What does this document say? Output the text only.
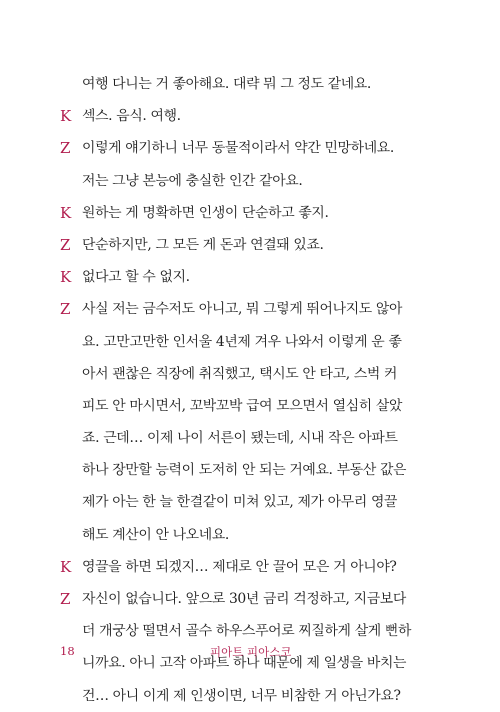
여행 다니는 거 좋아해요. 대략 뭐 그 정도 같네요.
K 섹스. 음식. 여행.
Z 이렇게 얘기하니 너무 동물적이라서 약간 민망하네요.
저는 그냥 본능에 충실한 인간 같아요.
K 원하는 게 명확하면 인생이 단순하고 좋지.
Z 단순하지만, 그 모든 게 돈과 연결돼 있죠.
K 없다고 할 수 없지.
Z 사실 저는 금수저도 아니고, 뭐 그렇게 뛰어나지도 않아
요. 고만고만한 인서울 4년제 겨우 나와서 이렇게 운 좋
아서 괜찮은 직장에 취직했고, 택시도 안 타고, 스벅 커
피도 안 마시면서, 꼬박꼬박 급여 모으면서 열심히 살았
죠. 근데… 이제 나이 서른이 됐는데, 시내 작은 아파트
하나 장만할 능력이 도저히 안 되는 거예요. 부동산 값은
제가 아는 한 늘 한결같이 미쳐 있고, 제가 아무리 영끌
해도 계산이 안 나오네요.
K 영끌을 하면 되겠지… 제대로 안 끌어 모은 거 아니야?
Z 자신이 없습니다. 앞으로 30년 금리 걱정하고, 지금보다
더 개궁상 떨면서 골수 하우스푸어로 찌질하게 살게 뻔하
니까요. 아니 고작 아파트 하나 때문에 제 일생을 바치는
건… 아니 이게 제 인생이면, 너무 비참한 거 아닌가요?
18	피아트 피아스코
